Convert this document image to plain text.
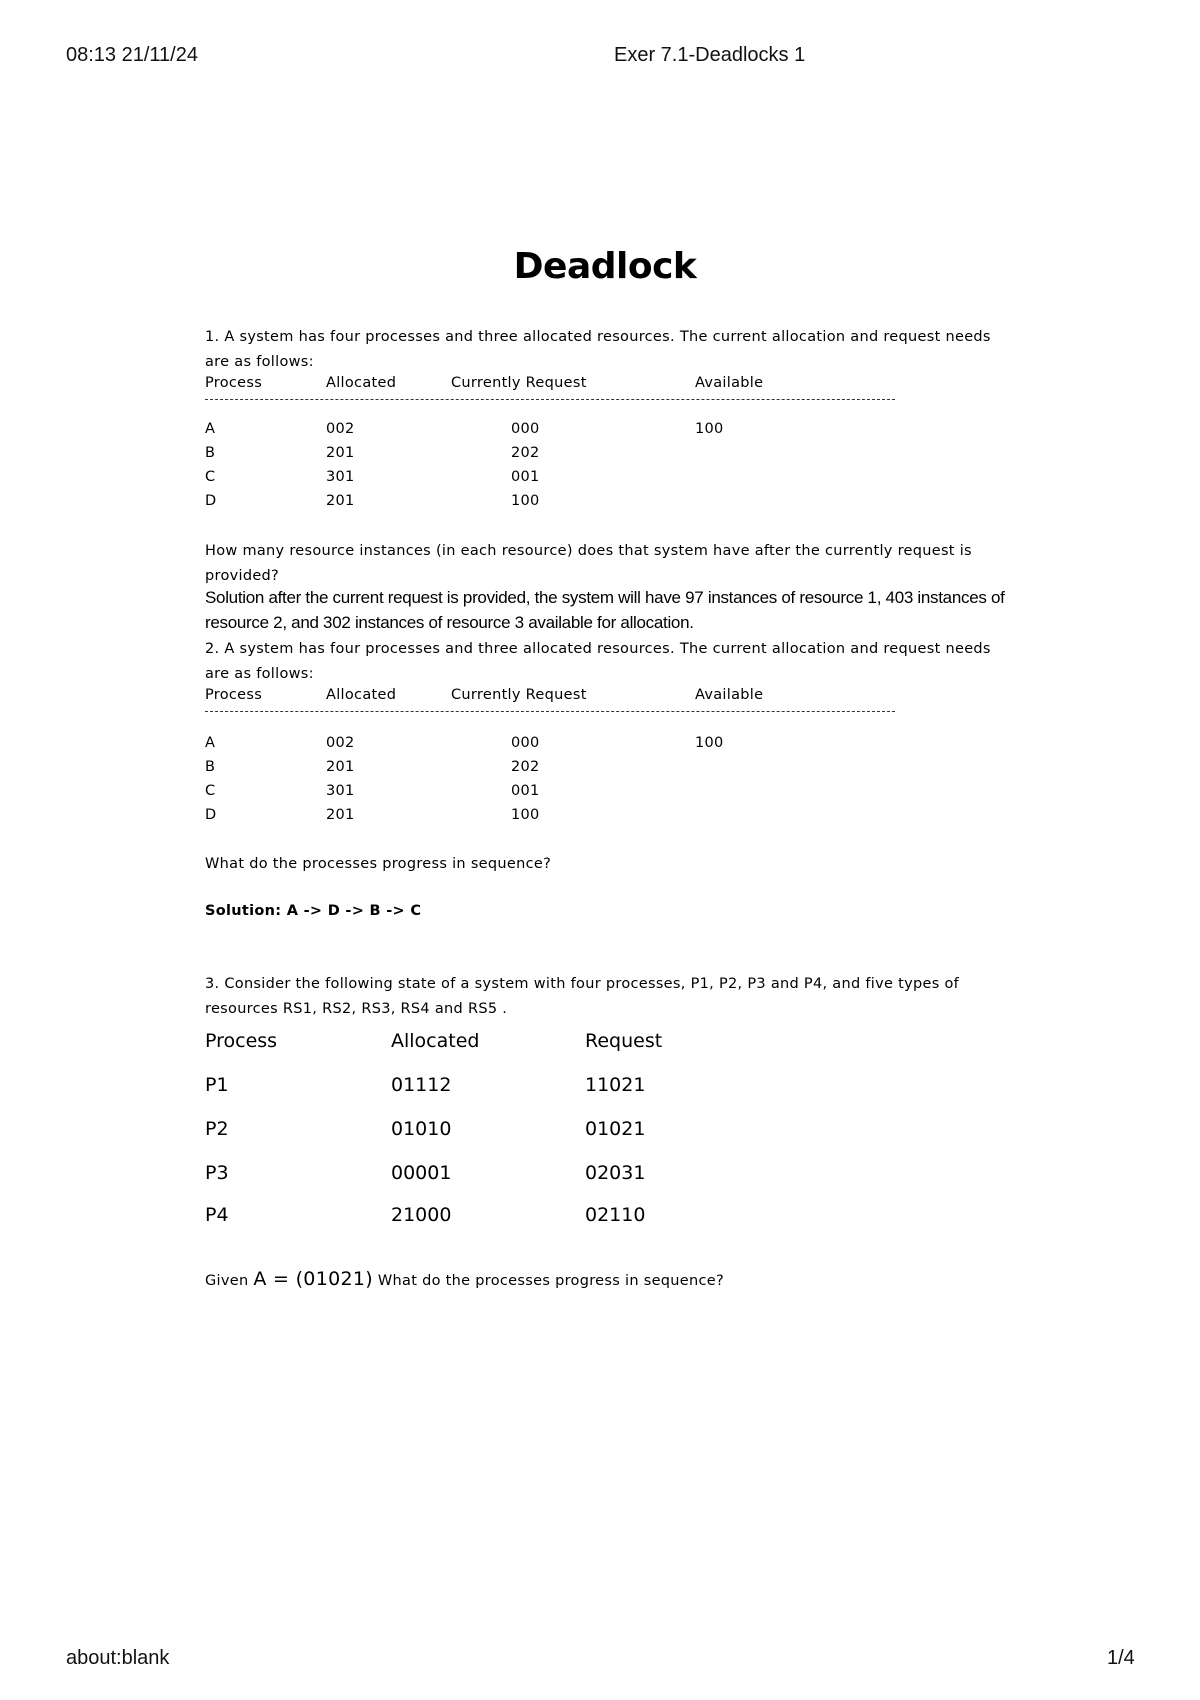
08:13 21/11/24	Exer 7.1-Deadlocks 1
about:blank	1/4
Deadlock
1. A system has four processes and three allocated resources. The current allocation and request needs are as follows:
Process	Allocated	Currently Request	Available
A	002	000	100
B	201	202
C	301	001
D	201	100
How many resource instances (in each resource) does that system have after the currently request is provided?
Solution after the current request is provided, the system will have 97 instances of resource 1, 403 instances of resource 2, and 302 instances of resource 3 available for allocation.
2. A system has four processes and three allocated resources. The current allocation and request needs are as follows:
Process	Allocated	Currently Request	Available
A	002	000	100
B	201	202
C	301	001
D	201	100
What do the processes progress in sequence?
Solution: A -> D -> B -> C
3. Consider the following state of a system with four processes, P1, P2, P3 and P4, and five types of resources RS1, RS2, RS3, RS4 and RS5 .
Process	Allocated	Request
P1	01112	11021
P2	01010	01021
P3	00001	02031
P4	21000	02110
Given A = (01021) What do the processes progress in sequence?
